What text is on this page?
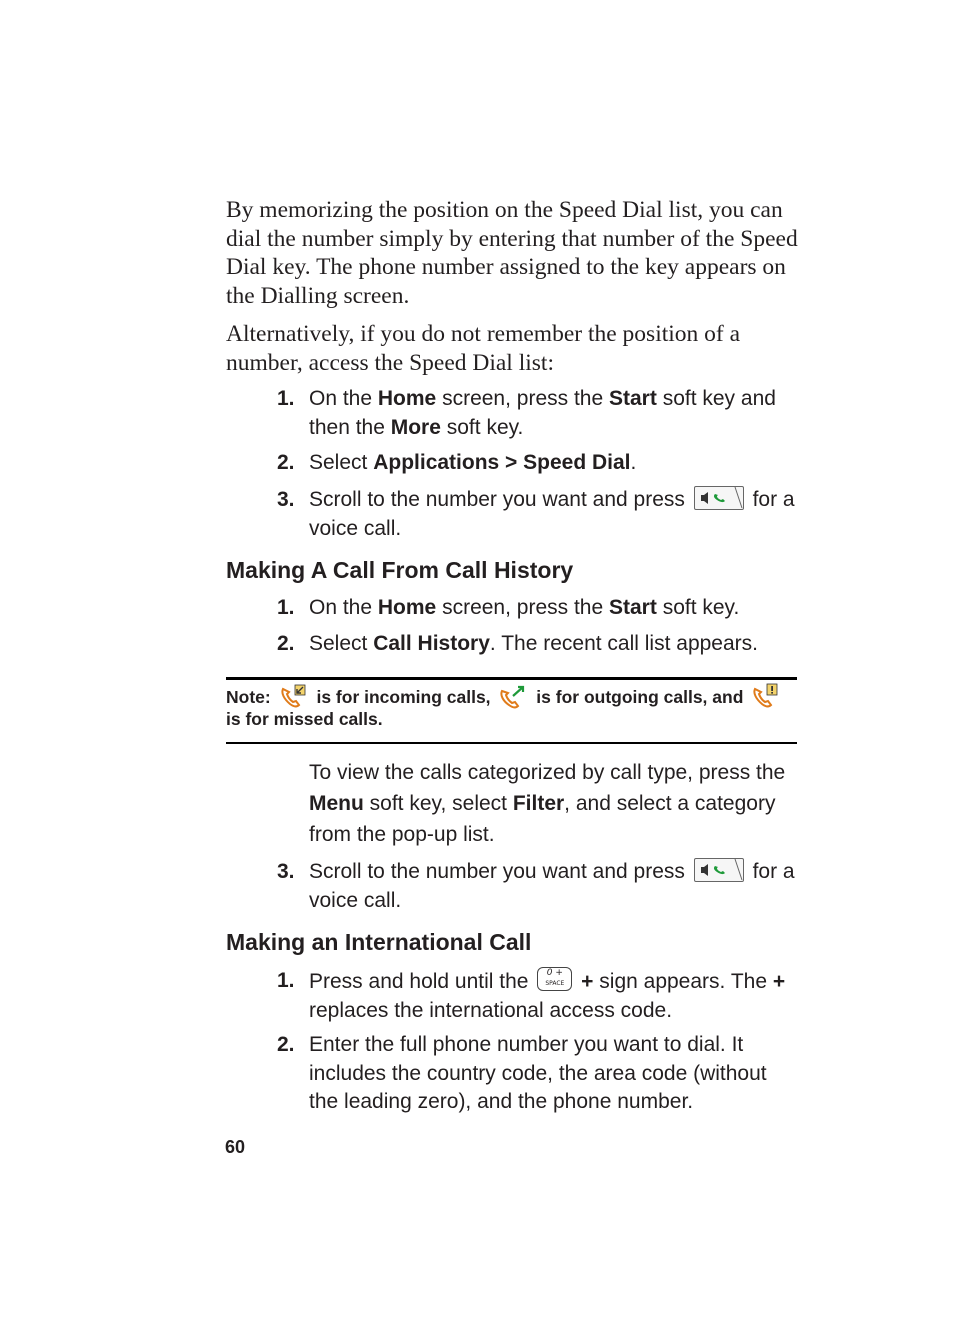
By memorizing the position on the Speed Dial list, you can dial the number simply by entering that number of the Speed Dial key. The phone number assigned to the key appears on the Dialling screen.

Alternatively, if you do not remember the position of a number, access the Speed Dial list:

1. On the Home screen, press the Start soft key and then the More soft key.
2. Select Applications > Speed Dial.
3. Scroll to the number you want and press	for a voice call.
Making A Call From Call History
1. On the Home screen, press the Start soft key.
2. Select Call History. The recent call list appears.
Note:	is for incoming calls,	is for outgoing calls, and  is for missed calls.
To view the calls categorized by call type, press the Menu soft key, select Filter, and select a category from the pop-up list.
3. Scroll to the number you want and press	for a voice call.
Making an International Call
1. Press and hold until the	0 +
SPACE + sign appears. The + replaces the international access code.
2. Enter the full phone number you want to dial. It includes the country code, the area code (without the leading zero), and the phone number.
60
